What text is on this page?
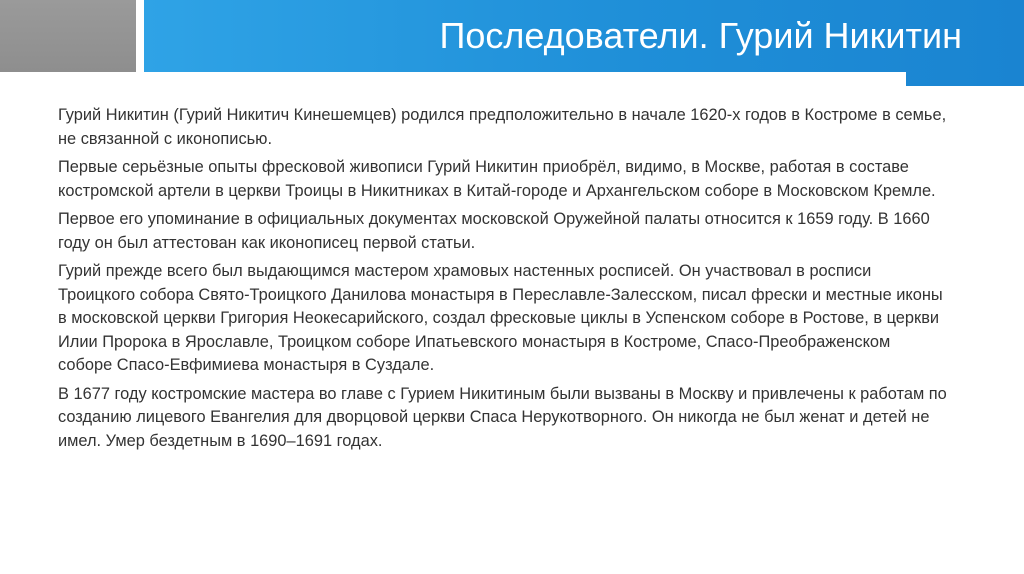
Последователи. Гурий Никитин

Гурий Никитин (Гурий Никитич Кинешемцев) родился предположительно в начале 1620-х годов в Костроме в семье, не связанной с иконописью.

Первые серьёзные опыты фресковой живописи Гурий Никитин приобрёл, видимо, в Москве, работая в составе костромской артели в церкви Троицы в Никитниках в Китай-городе и Архангельском соборе в Московском Кремле.

Первое его упоминание в официальных документах московской Оружейной палаты относится к 1659 году. В 1660 году он был аттестован как иконописец первой статьи.

Гурий прежде всего был выдающимся мастером храмовых настенных росписей. Он участвовал в росписи Троицкого собора Свято-Троицкого Данилова монастыря в Переславле-Залесском, писал фрески и местные иконы в московской церкви Григория Неокесарийского, создал фресковые циклы в Успенском соборе в Ростове, в церкви Илии Пророка в Ярославле, Троицком соборе Ипатьевского монастыря в Костроме, Спасо-Преображенском соборе Спасо-Евфимиева монастыря в Суздале.

В 1677 году костромские мастера во главе с Гурием Никитиным были вызваны в Москву и привлечены к работам по созданию лицевого Евангелия для дворцовой церкви Спаса Нерукотворного. Он никогда не был женат и детей не имел. Умер бездетным в 1690–1691 годах.
